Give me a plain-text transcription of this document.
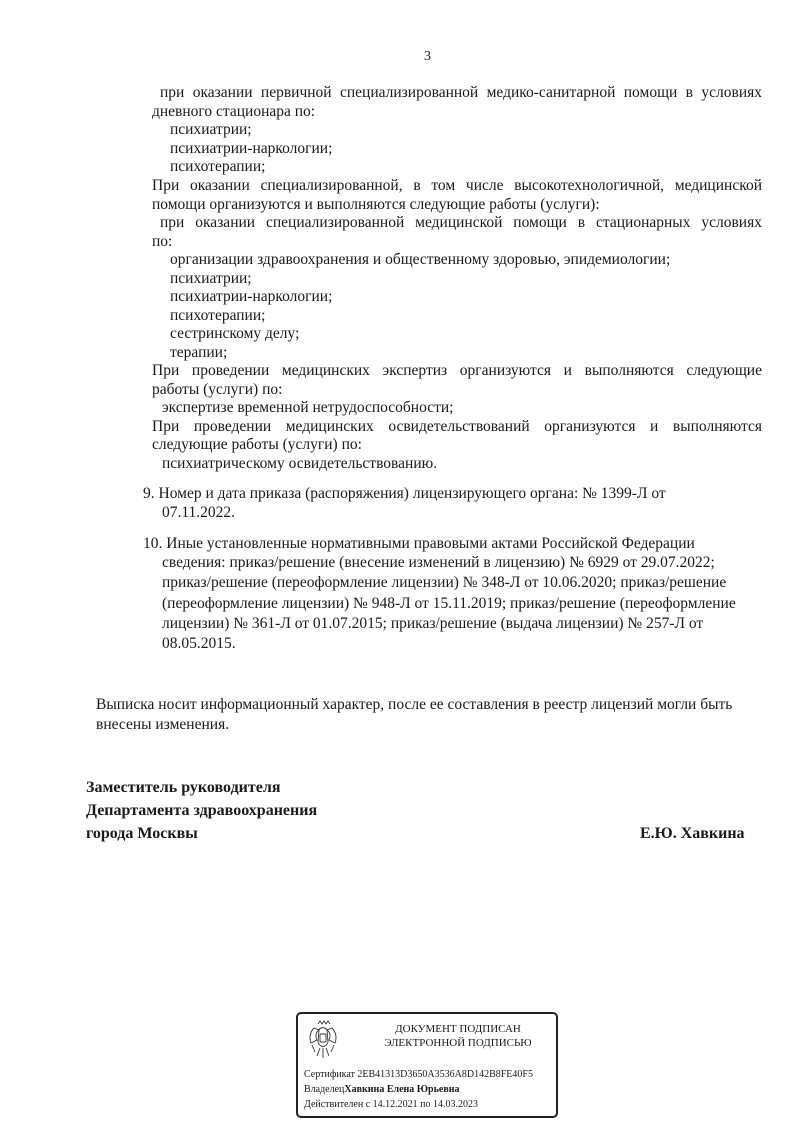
3
при оказании первичной специализированной медико-санитарной помощи в условиях
дневного стационара по:
психиатрии;
психиатрии-наркологии;
психотерапии;
При оказании специализированной, в том числе высокотехнологичной, медицинской
помощи организуются и выполняются следующие работы (услуги):
при оказании специализированной медицинской помощи в стационарных условиях
по:
организации здравоохранения и общественному здоровью, эпидемиологии;
психиатрии;
психиатрии-наркологии;
психотерапии;
сестринскому делу;
терапии;
При проведении медицинских экспертиз организуются и выполняются следующие
работы (услуги) по:
экспертизе временной нетрудоспособности;
При проведении медицинских освидетельствований организуются и выполняются
следующие работы (услуги) по:
психиатрическому освидетельствованию.
9. Номер и дата приказа (распоряжения) лицензирующего органа: № 1399-Л от
07.11.2022.
10. Иные установленные нормативными правовыми актами Российской Федерации
сведения: приказ/решение (внесение изменений в лицензию) № 6929 от 29.07.2022;
приказ/решение (переоформление лицензии) № 348-Л от 10.06.2020; приказ/решение
(переоформление лицензии) № 948-Л от 15.11.2019; приказ/решение (переоформление
лицензии) № 361-Л от 01.07.2015; приказ/решение (выдача лицензии) № 257-Л от
08.05.2015.
Выписка носит информационный характер, после ее составления в реестр лицензий могли быть
внесены изменения.
Заместитель руководителя
Департамента здравоохранения
города Москвы	Е.Ю. Хавкина
ДОКУМЕНТ ПОДПИСАН
ЭЛЕКТРОННОЙ ПОДПИСЬЮ
Сертификат 2EB41313D3650A3536A8D142B8FE40F5
ВладелецХавкина Елена Юрьевна
Действителен с 14.12.2021 по 14.03.2023
